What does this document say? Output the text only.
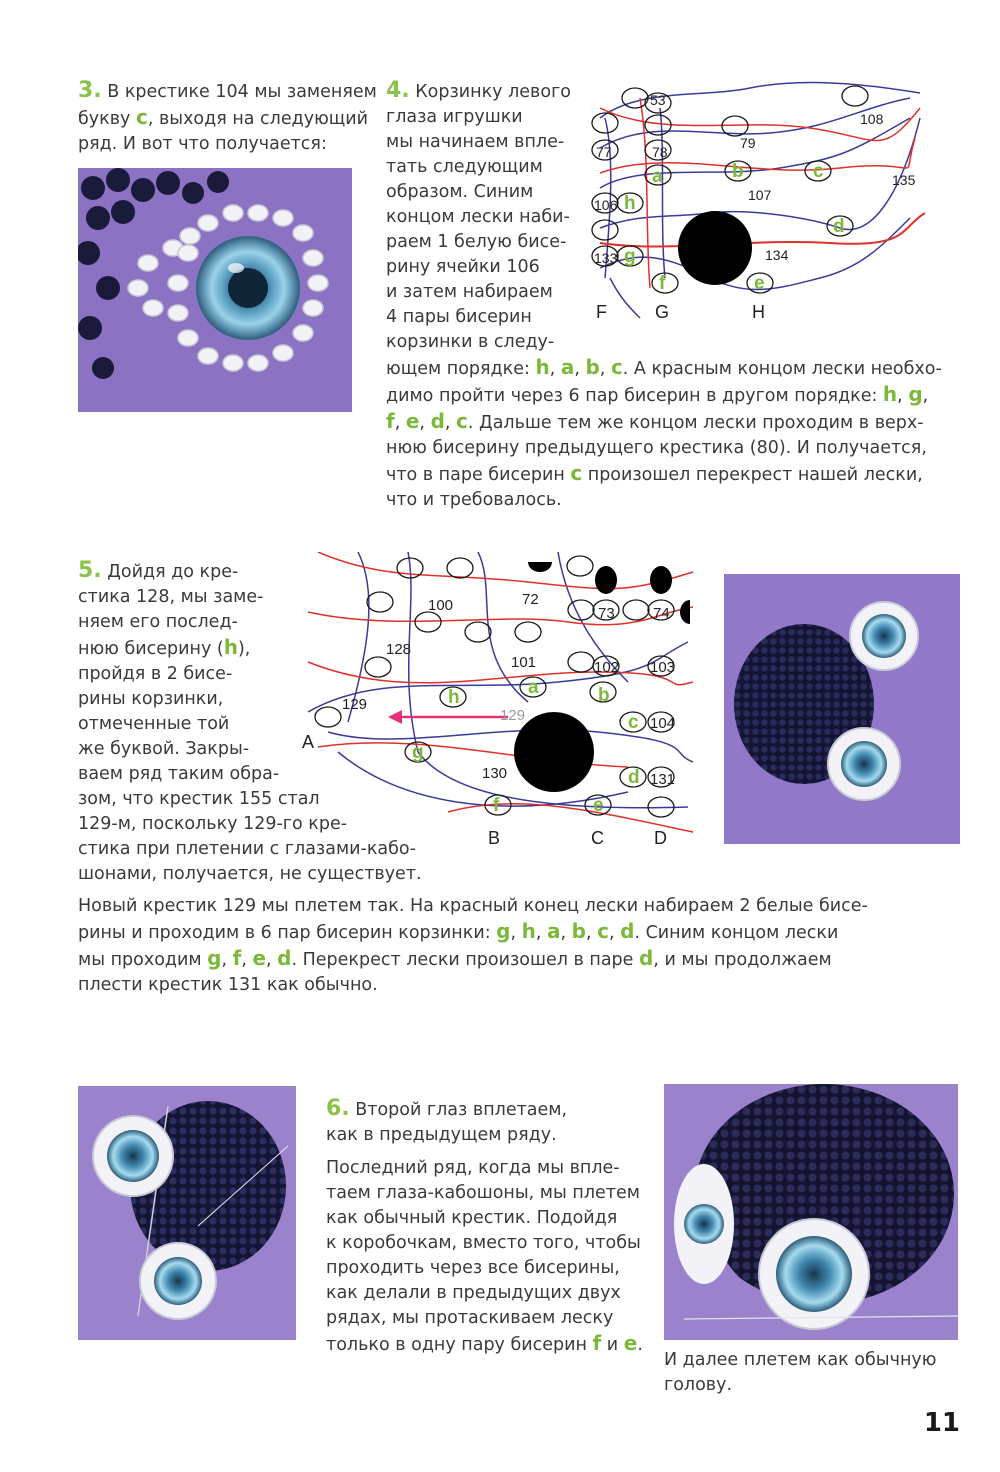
3. В крестике 104 мы заменяем
букву c, выходя на следующий
ряд. И вот что получается:
4. Корзинку левого
глаза игрушки
мы начинаем впле-
тать следующим
образом. Синим
концом лески наби-
раем 1 белую бисе-
рину ячейки 106
и затем набираем
4 пары бисерин
корзинки в следу-
ющем порядке: h, a, b, c. А красным концом лески необхо-
димо пройти через 6 пар бисерин в другом порядке: h, g,
f, e, d, c. Дальше тем же концом лески проходим в верх-
нюю бисерину предыдущего крестика (80). И получается,
что в паре бисерин c произошел перекрест нашей лески,
что и требовалось.
53
77	78
79
108
107
135
106
133	134
a	b	c
d
e
f
g
h
F	G	H
5. Дойдя до кре-
стика 128, мы заме-
няем его послед-
нюю бисерину (h),
пройдя в 2 бисе-
рины корзинки,
отмеченные той
же буквой. Закры-
ваем ряд таким обра-
зом, что крестик 155 стал
129-м, поскольку 129-го кре-
стика при плетении с глазами-кабо-
шонами, получается, не существует.
100	72
73	74
128
101	102 103
129
129	104
130	131
a	b
c
d
e
f
g
h
A
B	C	D
Новый крестик 129 мы плетем так. На красный конец лески набираем 2 белые бисе-
рины и проходим в 6 пар бисерин корзинки: g, h, a, b, c, d. Синим концом лески
мы проходим g, f, e, d. Перекрест лески произошел в паре d, и мы продолжаем
плести крестик 131 как обычно.
6. Второй глаз вплетаем,
как в предыдущем ряду.
Последний ряд, когда мы впле-
таем глаза-кабошоны, мы плетем
как обычный крестик. Подойдя
к коробочкам, вместо того, чтобы
проходить через все бисерины,
как делали в предыдущих двух
рядах, мы протаскиваем леску
только в одну пару бисерин f и e.
И далее плетем как обычную
голову.
11
